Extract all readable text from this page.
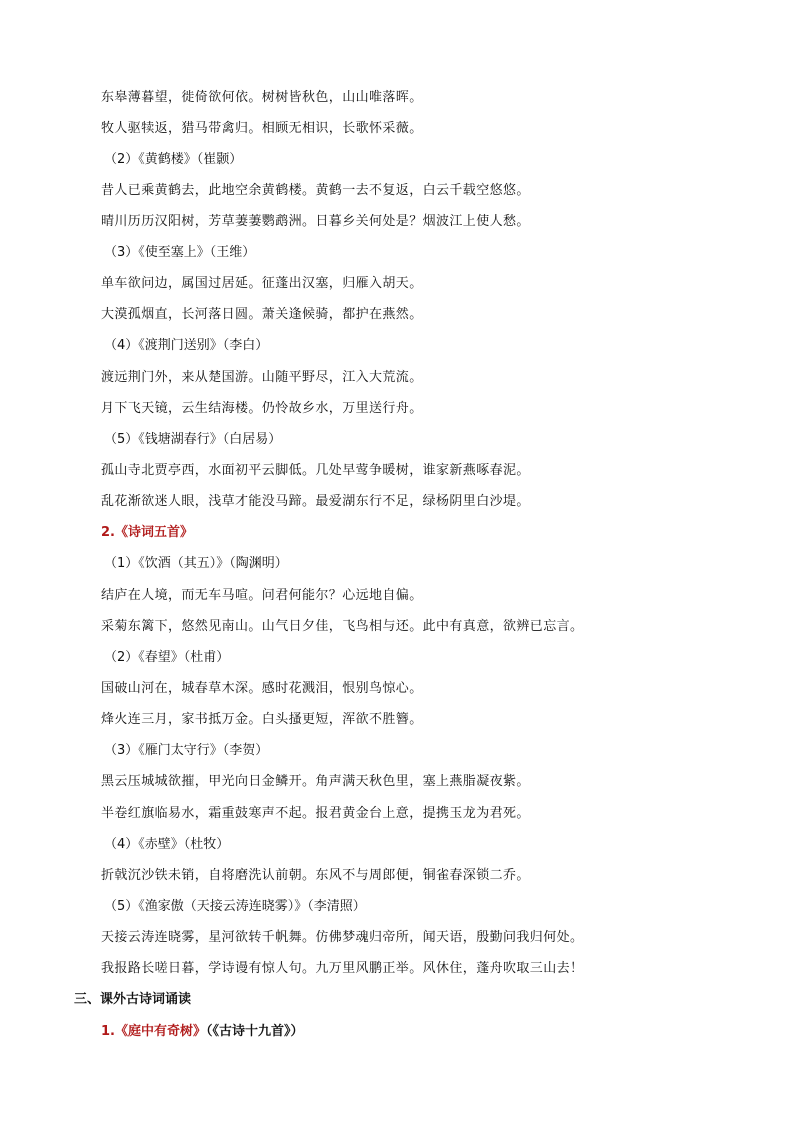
东皋薄暮望，徙倚欲何依。树树皆秋色，山山唯落晖。
牧人驱犊返，猎马带禽归。相顾无相识，长歌怀采薇。
（2）《黄鹤楼》（崔颢）
昔人已乘黄鹤去，此地空余黄鹤楼。黄鹤一去不复返，白云千载空悠悠。
晴川历历汉阳树，芳草萋萋鹦鹉洲。日暮乡关何处是？烟波江上使人愁。
（3）《使至塞上》（王维）
单车欲问边，属国过居延。征蓬出汉塞，归雁入胡天。
大漠孤烟直，长河落日圆。萧关逢候骑，都护在燕然。
（4）《渡荆门送别》（李白）
渡远荆门外，来从楚国游。山随平野尽，江入大荒流。
月下飞天镜，云生结海楼。仍怜故乡水，万里送行舟。
（5）《钱塘湖春行》（白居易）
孤山寺北贾亭西，水面初平云脚低。几处早莺争暖树，谁家新燕啄春泥。
乱花渐欲迷人眼，浅草才能没马蹄。最爱湖东行不足，绿杨阴里白沙堤。
2.《诗词五首》
（1）《饮酒（其五）》（陶渊明）
结庐在人境，而无车马喧。问君何能尔？心远地自偏。
采菊东篱下，悠然见南山。山气日夕佳，飞鸟相与还。此中有真意，欲辨已忘言。
（2）《春望》（杜甫）
国破山河在，城春草木深。感时花溅泪，恨别鸟惊心。
烽火连三月，家书抵万金。白头搔更短，浑欲不胜簪。
（3）《雁门太守行》（李贺）
黑云压城城欲摧，甲光向日金鳞开。角声满天秋色里，塞上燕脂凝夜紫。
半卷红旗临易水，霜重鼓寒声不起。报君黄金台上意，提携玉龙为君死。
（4）《赤壁》（杜牧）
折戟沉沙铁未销，自将磨洗认前朝。东风不与周郎便，铜雀春深锁二乔。
（5）《渔家傲（天接云涛连晓雾）》（李清照）
天接云涛连晓雾，星河欲转千帆舞。仿佛梦魂归帝所，闻天语，殷勤问我归何处。
我报路长嗟日暮，学诗谩有惊人句。九万里风鹏正举。风休住，蓬舟吹取三山去！
三、课外古诗词诵读
1.《庭中有奇树》（《古诗十九首》）
